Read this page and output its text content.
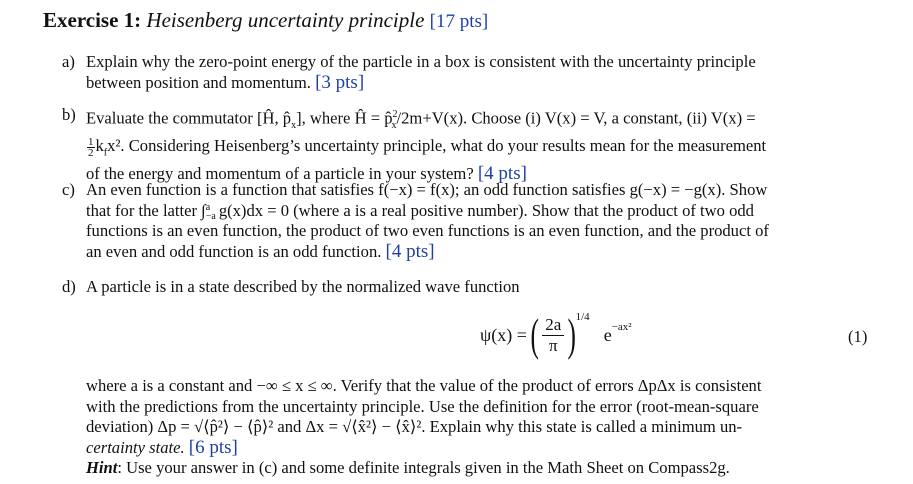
Exercise 1: Heisenberg uncertainty principle [17 pts]
a) Explain why the zero-point energy of the particle in a box is consistent with the uncertainty principle
between position and momentum. [3 pts]
b) Evaluate the commutator [Ĥ, $p̂_x$], where Ĥ = p̂$^2_x$/2m+V(x). Choose (i) V(x) = V, a constant, (ii) V(x) =
$\frac{1}{2} k_fx^2$. Considering Heisenberg’s uncertainty principle, what do your results mean for the measurement
of the energy and momentum of a particle in your system? [4 pts]
c) An even function is a function that satisfies f(−x) = f(x); an odd function satisfies g(−x) = −g(x). Show
that for the latter ∫ a
−a g(x)dx = 0 (where a is a real positive number). Show that the product of two odd
functions is an even function, the product of two even functions is an even function, and the product of
an even and odd function is an odd function. [4 pts]
d) A particle is in a state described by the normalized wave function
ψ(x) = ( $\frac{2a}{\pi} )^{1/4}$
$e^{-ax^2}$	(1)
where a is a constant and −∞ ≤ x ≤ ∞. Verify that the value of the product of errors ΔpΔx is consistent
with the predictions from the uncertainty principle. Use the definition for the error (root-mean-square
deviation) Δp = √⟨p̂²⟩ − ⟨p̂⟩² and Δx = √⟨x̂²⟩ − ⟨x̂⟩². Explain why this state is called a minimum un-
certainty state. [6 pts]
Hint: Use your answer in (c) and some definite integrals given in the Math Sheet on Compass2g.
